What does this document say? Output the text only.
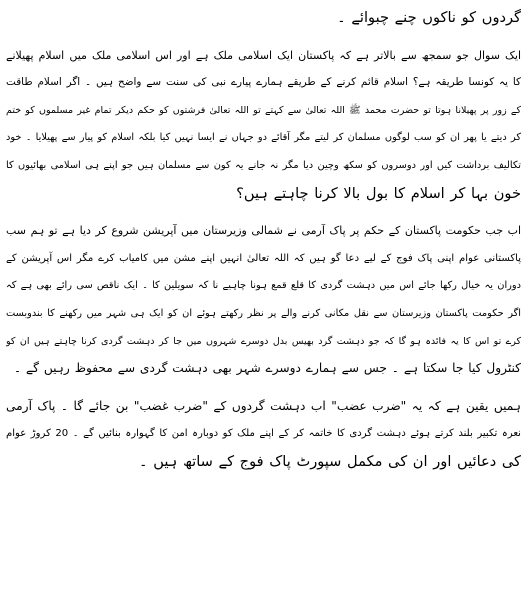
گردوں کو ناکوں چنے چبوائے ۔
ایک سوال جو سمجھ سے بالاتر ہے کہ پاکستان ایک اسلامی ملک ہے اور اس اسلامی ملک میں اسلام پھیلانے
کا یہ کونسا طریقہ ہے؟ اسلام قائم کرنے کے طریقے ہمارے پیارے نبی کی سنت سے واضح ہیں ۔ اگر اسلام طاقت
کے زور پر پھیلانا ہوتا تو حضرت محمد ﷺ اللہ تعالیٰ سے کہتے تو اللہ تعالیٰ فرشتوں کو حکم دیکر تمام غیر مسلموں کو ختم
کر دیتے یا پھر ان کو سب لوگوں مسلمان کر لیتے مگر آقائے دو جہاں نے ایسا نہیں کیا بلکہ اسلام کو پیار سے پھیلایا ۔ خود
تکالیف برداشت کیں اور دوسروں کو سکھ وچین دیا مگر نہ جانے یہ کون سے مسلمان ہیں جو اپنے ہی اسلامی بھائیوں کا
خون بہا کر اسلام کا بول بالا کرنا چاہتے ہیں؟
اب جب حکومت پاکستان کے حکم پر پاک آرمی نے شمالی وزیرستان میں آپریشن شروع کر دیا ہے تو ہم سب
پاکستانی عوام اپنی پاک فوج کے لیے دعا گو ہیں کہ اللہ تعالیٰ انہیں اپنے مشن میں کامیاب کرے مگر اس آپریشن کے
دوران یہ خیال رکھا جائے اس میں دہشت گردی کا قلع قمع ہونا چاہیے نا کہ سویلین کا ۔ ایک ناقص سی رائے بھی ہے کہ
اگر حکومت پاکستان وزیرستان سے نقل مکانی کرنے والے پر نظر رکھتے ہوئے ان کو ایک ہی شہر میں رکھنے کا بندوبست
کرے تو اس کا یہ فائدہ ہو گا کہ جو دہشت گرد بھیس بدل دوسرے شہروں میں جا کر دہشت گردی کرنا چاہتے ہیں ان کو
کنٹرول کیا جا سکتا ہے ۔ جس سے ہمارے دوسرے شہر بھی دہشت گردی سے محفوظ رہیں گے ۔
ہمیں یقین ہے کہ یہ "ضرب عضب" اب دہشت گردوں کے "ضرب غضب" بن جائے گا ۔ پاک آرمی
نعرہ تکبیر بلند کرتے ہوئے دہشت گردی کا خاتمہ کر کے اپنے ملک کو دوبارہ امن کا گہوارہ بنائیں گے ۔ 20 کروڑ عوام
کی دعائیں اور ان کی مکمل سپورٹ پاک فوج کے ساتھ ہیں ۔
